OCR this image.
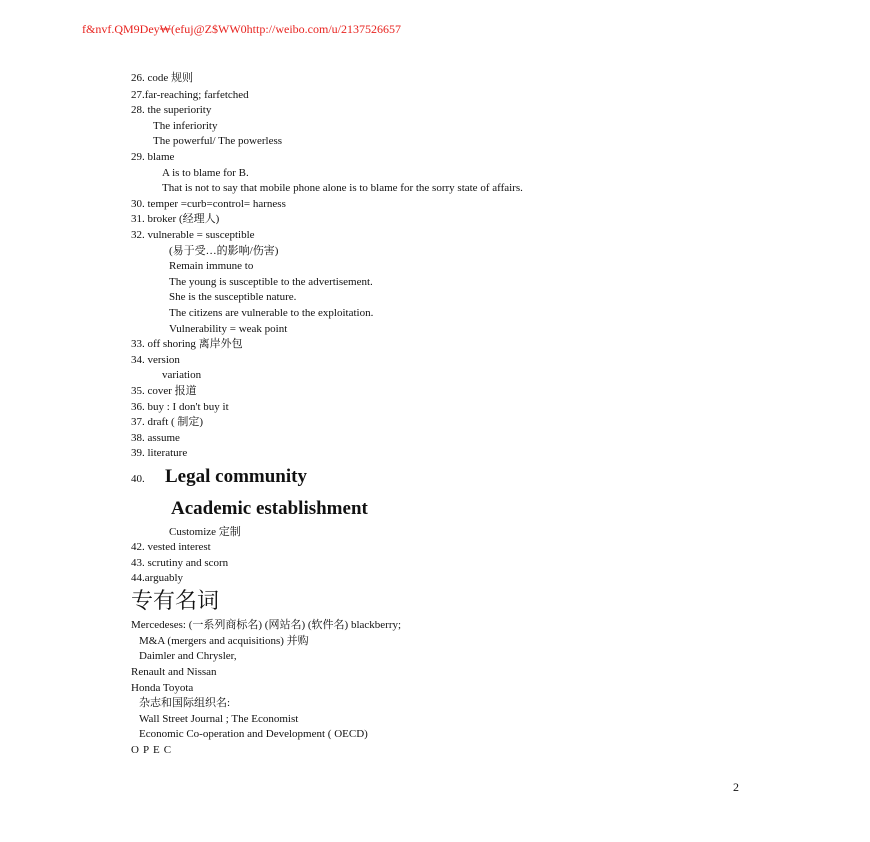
f&nvf.QM9Dey₩(efuj@Z$WW0http://weibo.com/u/2137526657
26. code 规则
27.far-reaching; farfetched
28. the superiority
The inferiority
The powerful/ The powerless
29. blame
A is to blame for B.
That is not to say that mobile phone alone is to blame for the sorry state of affairs.
30. temper =curb=control= harness
31. broker (经理人)
32. vulnerable = susceptible
(易于受…的影响/伤害)
Remain immune to
The young is susceptible to the advertisement.
She is the susceptible nature.
The citizens are vulnerable to the exploitation.
Vulnerability = weak point
33. off shoring 离岸外包
34. version
variation
35. cover 报道
36. buy : I don't buy it
37. draft ( 制定)
38. assume
39. literature
40. Legal community
Academic establishment
Customize 定制
42. vested interest
43. scrutiny and scorn
44.arguably
专有名词
Mercedeses: (一系列商标名) (网站名) (软件名) blackberry;
M&A (mergers and acquisitions) 并购
Daimler and Chrysler,
Renault and Nissan
Honda Toyota
杂志和国际组织名:
Wall Street Journal ; The Economist
Economic Co-operation and Development ( OECD)
OPEC
2
